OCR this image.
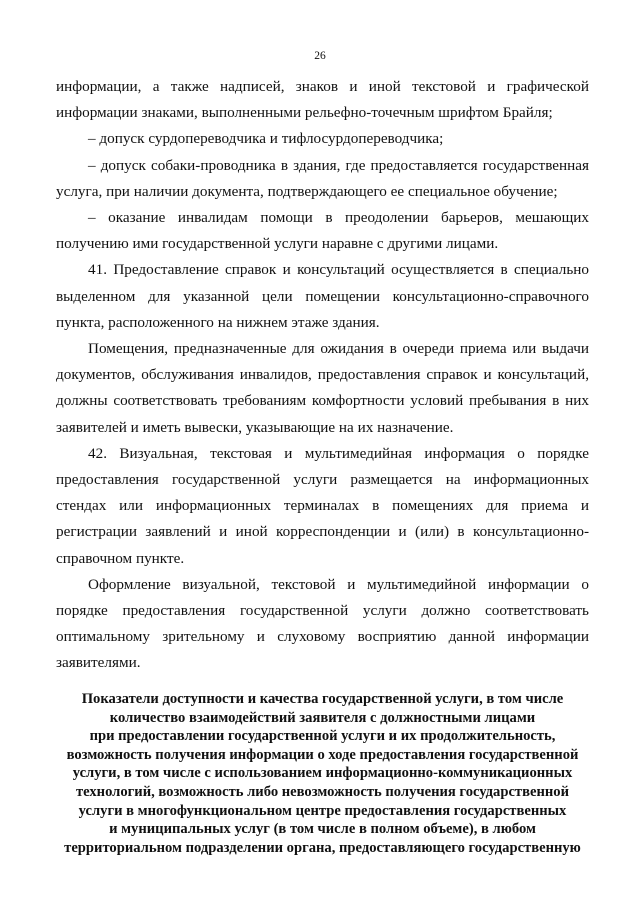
26

информации, а также надписей, знаков и иной текстовой и графической информации знаками, выполненными рельефно-точечным шрифтом Брайля;

– допуск сурдопереводчика и тифлосурдопереводчика;

– допуск собаки-проводника в здания, где предоставляется государственная услуга, при наличии документа, подтверждающего ее специальное обучение;

– оказание инвалидам помощи в преодолении барьеров, мешающих получению ими государственной услуги наравне с другими лицами.

41. Предоставление справок и консультаций осуществляется в специально выделенном для указанной цели помещении консультационно-справочного пункта, расположенного на нижнем этаже здания.

Помещения, предназначенные для ожидания в очереди приема или выдачи документов, обслуживания инвалидов, предоставления справок и консультаций, должны соответствовать требованиям комфортности условий пребывания в них заявителей и иметь вывески, указывающие на их назначение.

42. Визуальная, текстовая и мультимедийная информация о порядке предоставления государственной услуги размещается на информационных стендах или информационных терминалах в помещениях для приема и регистрации заявлений и иной корреспонденции и (или) в консультационно-справочном пункте.

Оформление визуальной, текстовой и мультимедийной информации о порядке предоставления государственной услуги должно соответствовать оптимальному зрительному и слуховому восприятию данной информации заявителями.

Показатели доступности и качества государственной услуги, в том числе
количество взаимодействий заявителя с должностными лицами
при предоставлении государственной услуги и их продолжительность,
возможность получения информации о ходе предоставления государственной
услуги, в том числе с использованием информационно-коммуникационных
технологий, возможность либо невозможность получения государственной
услуги в многофункциональном центре предоставления государственных
и муниципальных услуг (в том числе в полном объеме), в любом
территориальном подразделении органа, предоставляющего государственную
